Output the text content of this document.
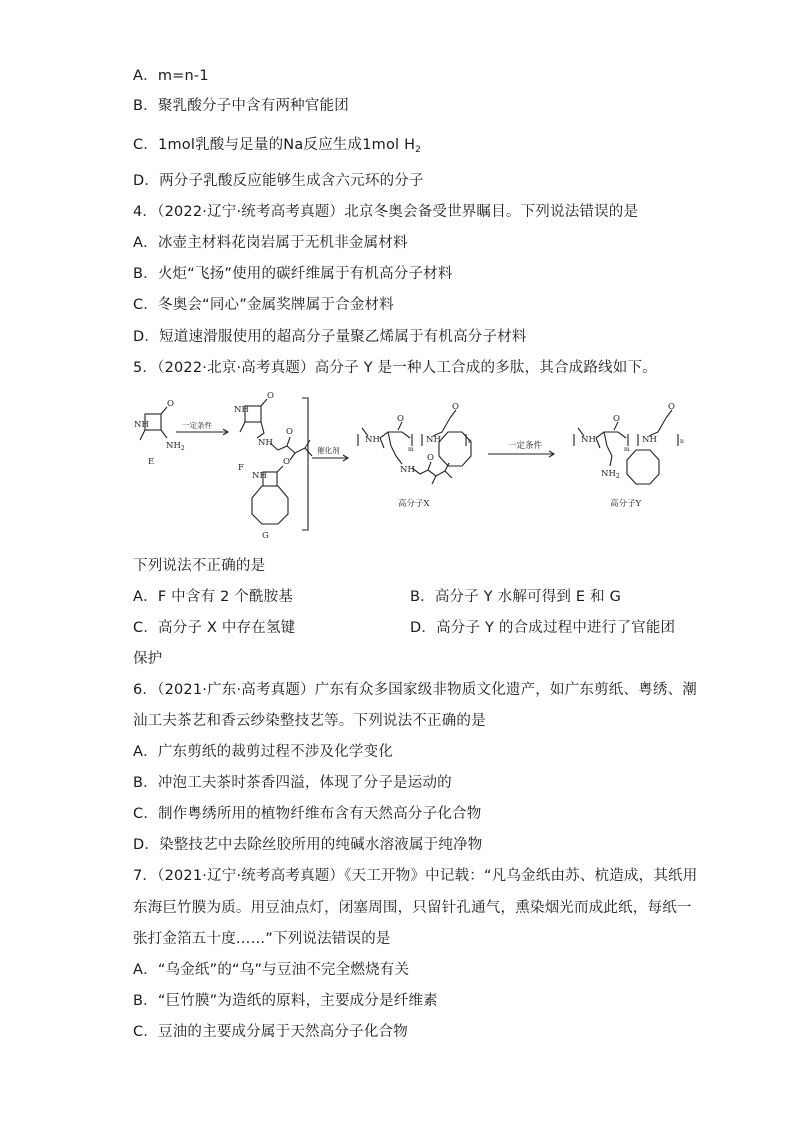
A．m=n-1
B．聚乳酸分子中含有两种官能团
C．1mol乳酸与足量的Na反应生成1mol $H_2$
D．两分子乳酸反应能够生成含六元环的分子
4．（2022·辽宁·统考高考真题）北京冬奥会备受世界瞩目。下列说法错误的是
A．冰壶主材料花岗岩属于无机非金属材料
B．火炬“飞扬”使用的碳纤维属于有机高分子材料
C．冬奥会“同心”金属奖牌属于合金材料
D．短道速滑服使用的超高分子量聚乙烯属于有机高分子材料
5．（2022·北京·高考真题）高分子 Y 是一种人工合成的多肽，其合成路线如下。
NH
O
$NH_2$
E
NH
O
NH
O
F
NH
O
G
NH
O
m
NH
O
n
NH
O
高分子X
一定条件
NH
O
m
NH
O
n
$NH_2$
高分子Y
一定条件
催化剂
下列说法不正确的是
A．F 中含有 2 个酰胺基	B．高分子 Y 水解可得到 E 和 G
C．高分子 X 中存在氢键	D．高分子 Y 的合成过程中进行了官能团
保护
6．（2021·广东·高考真题）广东有众多国家级非物质文化遗产，如广东剪纸、粤绣、潮
汕工夫茶艺和香云纱染整技艺等。下列说法不正确的是
A．广东剪纸的裁剪过程不涉及化学变化
B．冲泡工夫茶时茶香四溢，体现了分子是运动的
C．制作粤绣所用的植物纤维布含有天然高分子化合物
D．染整技艺中去除丝胶所用的纯碱水溶液属于纯净物
7．（2021·辽宁·统考高考真题）《天工开物》中记载：“凡乌金纸由苏、杭造成，其纸用
东海巨竹膜为质。用豆油点灯，闭塞周围，只留针孔通气，熏染烟光而成此纸，每纸一
张打金箔五十度……”下列说法错误的是
A．“乌金纸”的“乌”与豆油不完全燃烧有关
B．“巨竹膜”为造纸的原料，主要成分是纤维素
C．豆油的主要成分属于天然高分子化合物
